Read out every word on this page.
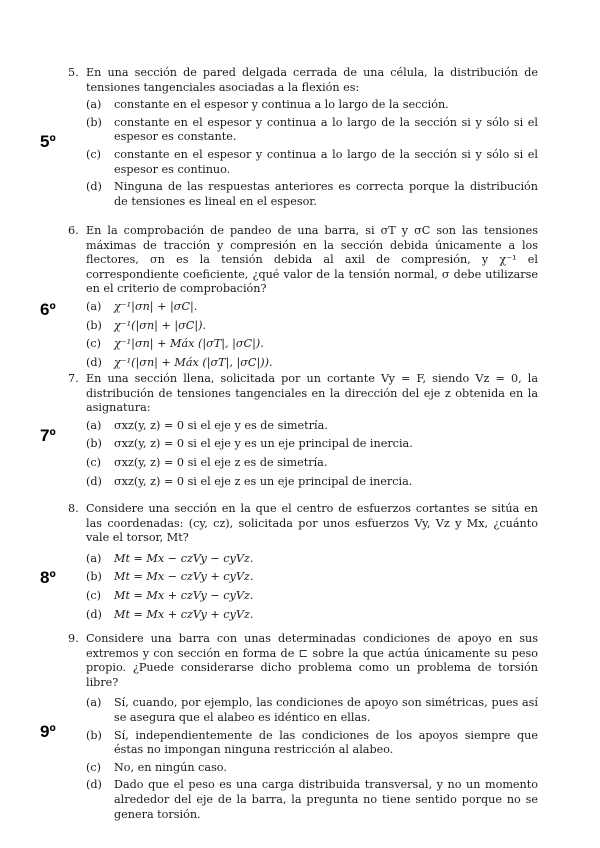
5º
6º
7º
8º
9º
5. En una sección de pared delgada cerrada de una célula, la distribución de tensiones tangenciales asociadas a la flexión es:
(a)	constante en el espesor y continua a lo largo de la sección.
(b)	constante en el espesor y continua a lo largo de la sección si y sólo si el espesor es constante.
(c)	constante en el espesor y continua a lo largo de la sección si y sólo si el espesor es continuo.
(d)	Ninguna de las respuestas anteriores es correcta porque la distribución de tensiones es lineal en el espesor.
6. En la comprobación de pandeo de una barra, si σT y σC son las tensiones máximas de tracción y compresión en la sección debida únicamente a los flectores, σn es la tensión debida al axil de compresión, y χ⁻¹ el correspondiente coeficiente, ¿qué valor de la tensión normal, σ debe utilizarse en el criterio de comprobación?
(a)	χ⁻¹|σn| + |σC|.
(b)	χ⁻¹(|σn| + |σC|).
(c)	χ⁻¹|σn| + Máx (|σT|, |σC|).
(d)	χ⁻¹(|σn| + Máx (|σT|, |σC|)).
7. En una sección llena, solicitada por un cortante Vy = F, siendo Vz = 0, la distribución de tensiones tangenciales en la dirección del eje z obtenida en la asignatura:
(a)	σxz(y, z) = 0 si el eje y es de simetría.
(b)	σxz(y, z) = 0 si el eje y es un eje principal de inercia.
(c)	σxz(y, z) = 0 si el eje z es de simetría.
(d)	σxz(y, z) = 0 si el eje z es un eje principal de inercia.
8. Considere una sección en la que el centro de esfuerzos cortantes se sitúa en las coordenadas: (cy, cz), solicitada por unos esfuerzos Vy, Vz y Mx, ¿cuánto vale el torsor, Mt?
(a)	Mt = Mx − czVy − cyVz.
(b)	Mt = Mx − czVy + cyVz.
(c)	Mt = Mx + czVy − cyVz.
(d)	Mt = Mx + czVy + cyVz.
9. Considere una barra con unas determinadas condiciones de apoyo en sus extremos y con sección en forma de ⊏ sobre la que actúa únicamente su peso propio. ¿Puede considerarse dicho problema como un problema de torsión libre?
(a)	Sí, cuando, por ejemplo, las condiciones de apoyo son simétricas, pues así se asegura que el alabeo es idéntico en ellas.
(b)	Sí, independientemente de las condiciones de los apoyos siempre que éstas no impongan ninguna restricción al alabeo.
(c)	No, en ningún caso.
(d)	Dado que el peso es una carga distribuida transversal, y no un momento alrededor del eje de la barra, la pregunta no tiene sentido porque no se genera torsión.
